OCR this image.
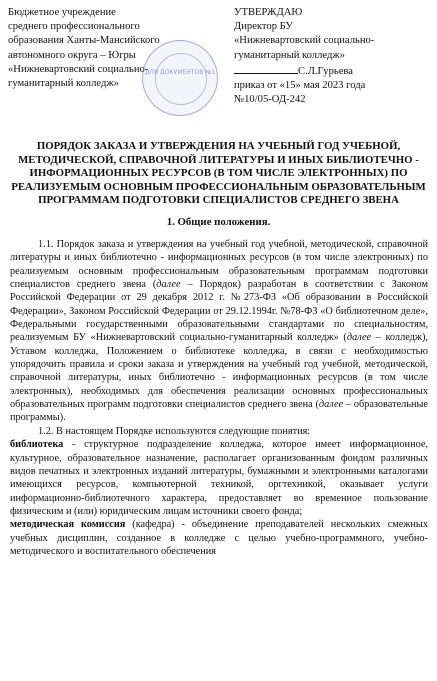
Бюджетное учреждение
среднего профессионального
образования Ханты-Мансийского
автономного округа – Югры
«Нижневартовский социально-
гуманитарный колледж»
ДЛЯ ДОКУМЕНТОВ №1
УТВЕРЖДАЮ
Директор БУ
«Нижневартовский социально-
гуманитарный колледж»
С.Л.Гурьева
приказ от «15» мая 2023 года
№10/05-ОД-242
ПОРЯДОК ЗАКАЗА И УТВЕРЖДЕНИЯ НА УЧЕБНЫЙ ГОД УЧЕБНОЙ, МЕТОДИЧЕСКОЙ, СПРАВОЧНОЙ ЛИТЕРАТУРЫ И ИНЫХ БИБЛИОТЕЧНО - ИНФОРМАЦИОННЫХ РЕСУРСОВ (В ТОМ ЧИСЛЕ ЭЛЕКТРОННЫХ) ПО РЕАЛИЗУЕМЫМ ОСНОВНЫМ ПРОФЕССИОНАЛЬНЫМ ОБРАЗОВАТЕЛЬНЫМ ПРОГРАММАМ ПОДГОТОВКИ СПЕЦИАЛИСТОВ СРЕДНЕГО ЗВЕНА
1. Общие положения.

1.1. Порядок заказа и утверждения на учебный год учебной, методической, справочной литературы и иных библиотечно - информационных ресурсов (в том числе электронных) по реализуемым основным профессиональным образовательным программам подготовки специалистов среднего звена (далее – Порядок) разработан в соответствии с Законом Российской Федерации от 29 декабря 2012 г. №273-ФЗ «Об образовании в Российской Федерации», Законом Российской Федерации от 29.12.1994г. №78-ФЗ «О библиотечном деле», Федеральными государственными образовательными стандартами по специальностям, реализуемым БУ «Нижневартовский социально-гуманитарный колледж» (далее – колледж), Уставом колледжа, Положением о библиотеке колледжа, в связи с необходимостью упорядочить правила и сроки заказа и утверждения на учебный год учебной, методической, справочной литературы, иных библиотечно - информационных ресурсов (в том числе электронных), необходимых для обеспечения реализации основных профессиональных образовательных программ подготовки специалистов среднего звена (далее – образовательные программы).

1.2. В настоящем Порядке используются следующие понятия:

библиотека - структурное подразделение колледжа, которое имеет информационное, культурное, образовательное назначение, располагает организованным фондом различных видов печатных и электронных изданий литературы, бумажными и электронными каталогами имеющихся ресурсов, компьютерной техникой, оргтехникой, оказывает услуги информационно-библиотечного характера, предоставляет во временное пользование физическим и (или) юридическим лицам источники своего фонда;

методическая комиссия (кафедра) - объединение преподавателей нескольких смежных учебных дисциплин, созданное в колледже с целью учебно-программного, учебно-методического и воспитательного обеспечения
